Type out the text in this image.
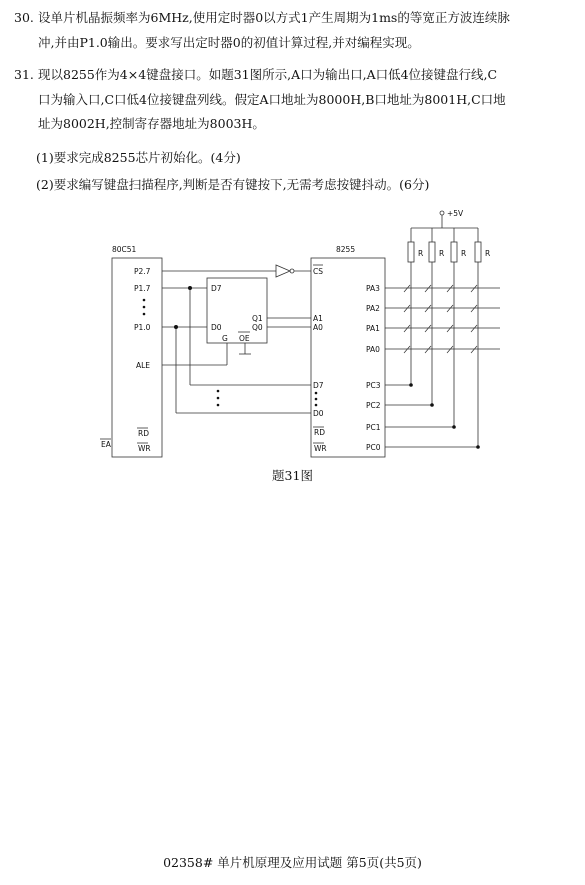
30. 设单片机晶振频率为6MHz,使用定时器0以方式1产生周期为1ms的等宽正方波连续脉
冲,并由P1.0输出。要求写出定时器0的初值计算过程,并对编程实现。
31. 现以8255作为4×4键盘接口。如题31图所示,A口为输出口,A口低4位接键盘行线,C
口为输入口,C口低4位接键盘列线。假定A口地址为8000H,B口地址为8001H,C口地
址为8002H,控制寄存器地址为8003H。
(1)要求完成8255芯片初始化。(4分)
(2)要求编写键盘扫描程序,判断是否有键按下,无需考虑按键抖动。(6分)
80C51
P2.7
P1.7
P1.0
ALE
RD
WR
EA
D7
D0
Q1
Q0
G OE
8255
CS
PA3
PA2
PA1
PA0
A1
A0
D7
D0
PC3
PC2
PC1
PC0
RD
WR
+5V
R R R	R
题31图
02358# 单片机原理及应用试题 第5页(共5页)
